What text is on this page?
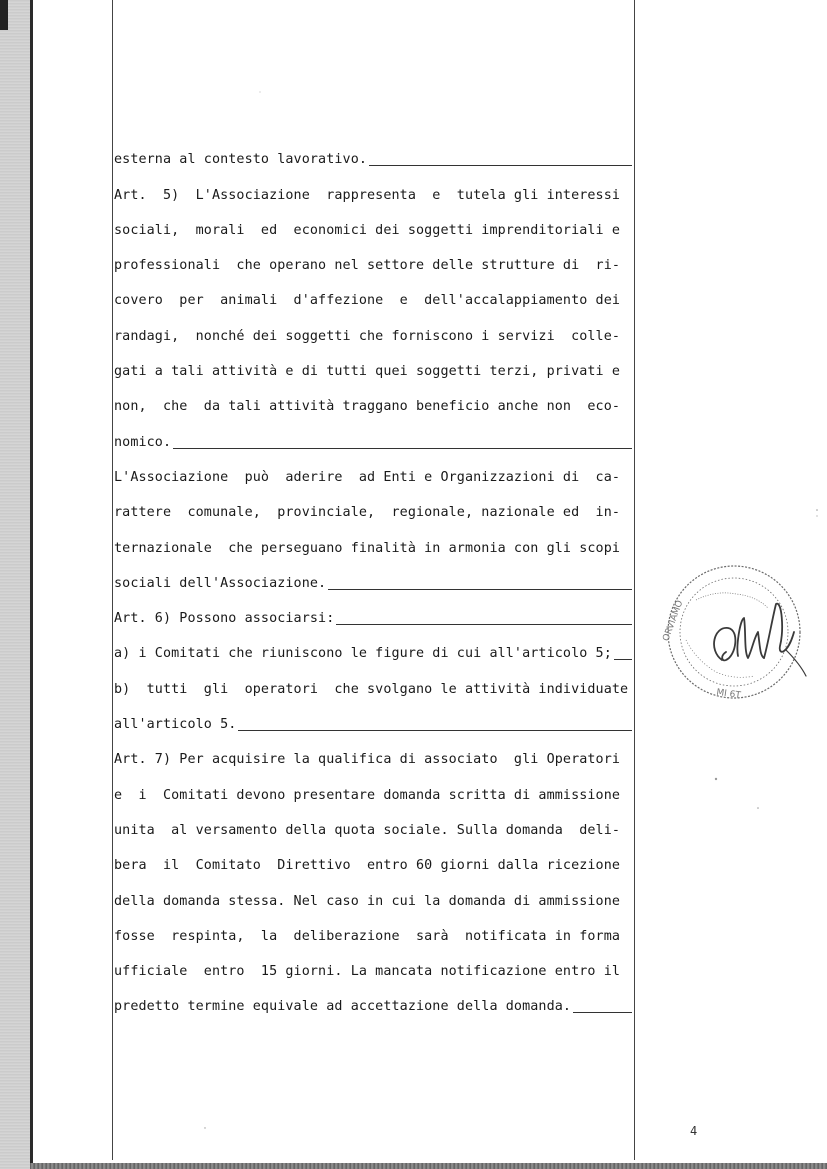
esterna al contesto lavorativo.
Art.  5)  L'Associazione  rappresenta  e  tutela gli interessi
sociali,  morali  ed  economici dei soggetti imprenditoriali e
professionali  che operano nel settore delle strutture di  ri-
covero  per  animali  d'affezione  e  dell'accalappiamento dei
randagi,  nonché dei soggetti che forniscono i servizi  colle-
gati a tali attività e di tutti quei soggetti terzi, privati e
non,  che  da tali attività traggano beneficio anche non  eco-
nomico.
L'Associazione  può  aderire  ad Enti e Organizzazioni di  ca-
rattere  comunale,  provinciale,  regionale, nazionale ed  in-
ternazionale  che perseguano finalità in armonia con gli scopi
sociali dell'Associazione.
Art. 6) Possono associarsi:
a) i Comitati che riuniscono le figure di cui all'articolo 5;
b)  tutti  gli  operatori  che svolgano le attività individuate
all'articolo 5.
Art. 7) Per acquisire la qualifica di associato  gli Operatori
e  i  Comitati devono presentare domanda scritta di ammissione
unita  al versamento della quota sociale. Sulla domanda  deli-
bera  il  Comitato  Direttivo  entro 60 giorni dalla ricezione
della domanda stessa. Nel caso in cui la domanda di ammissione
fosse  respinta,  la  deliberazione  sarà  notificata in forma
ufficiale  entro  15 giorni. La mancata notificazione entro il
predetto termine equivale ad accettazione della domanda.
4
ORVIAMO
MI 6T
